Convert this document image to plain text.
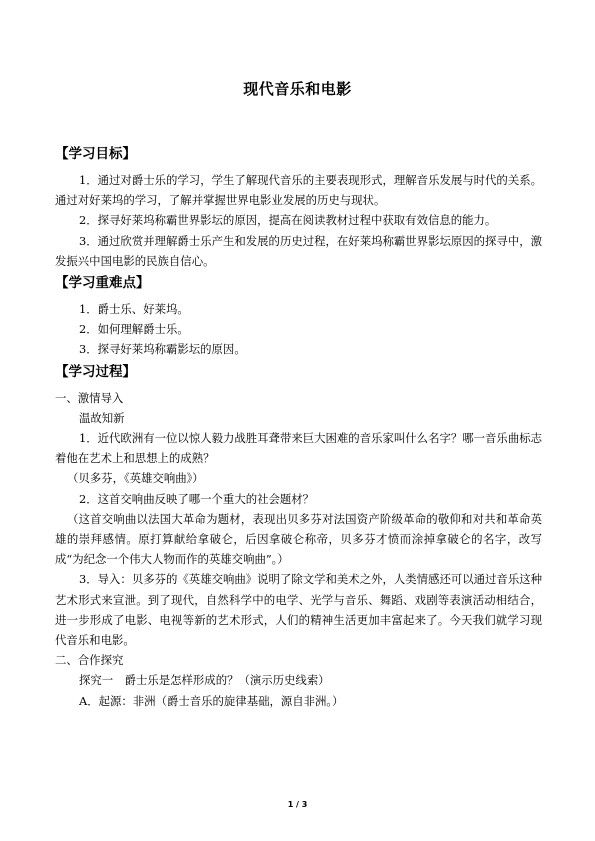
现代音乐和电影
【学习目标】

1．通过对爵士乐的学习，学生了解现代音乐的主要表现形式，理解音乐发展与时代的关系。通过对好莱坞的学习，了解并掌握世界电影业发展的历史与现状。

2．探寻好莱坞称霸世界影坛的原因，提高在阅读教材过程中获取有效信息的能力。

3．通过欣赏并理解爵士乐产生和发展的历史过程，在好莱坞称霸世界影坛原因的探寻中，激发振兴中国电影的民族自信心。

【学习重难点】

1．爵士乐、好莱坞。

2．如何理解爵士乐。

3．探寻好莱坞称霸影坛的原因。

【学习过程】

一、激情导入

温故知新

1．近代欧洲有一位以惊人毅力战胜耳聋带来巨大困难的音乐家叫什么名字？哪一音乐曲标志着他在艺术上和思想上的成熟？

（贝多芬，《英雄交响曲》）

2．这首交响曲反映了哪一个重大的社会题材？

（这首交响曲以法国大革命为题材，表现出贝多芬对法国资产阶级革命的敬仰和对共和革命英雄的崇拜感情。原打算献给拿破仑，后因拿破仑称帝，贝多芬才愤而涂掉拿破仑的名字，改写成“为纪念一个伟大人物而作的英雄交响曲”。）

3．导入：贝多芬的《英雄交响曲》说明了除文学和美术之外，人类情感还可以通过音乐这种艺术形式来宣泄。到了现代，自然科学中的电学、光学与音乐、舞蹈、戏剧等表演活动相结合，进一步形成了电影、电视等新的艺术形式，人们的精神生活更加丰富起来了。今天我们就学习现代音乐和电影。

二、合作探究

探究一　爵士乐是怎样形成的？（演示历史线索）

A．起源：非洲（爵士音乐的旋律基础，源自非洲。）

1 / 3
